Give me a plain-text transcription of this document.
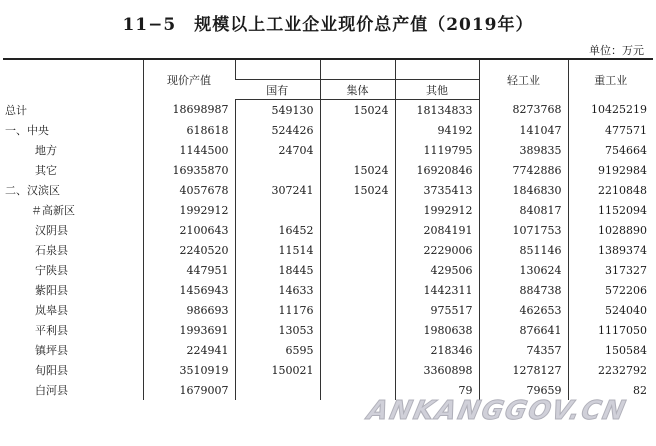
11−5　规模以上工业企业现价总产值（2019年）
单位：万元
	现价产值				轻工业	重工业
		国有	集体	其他		
总计	18698987	549130	15024	18134833	8273768	10425219
一、中央	618618	524426		94192	141047	477571
地方	1144500	24704		1119795	389835	754664
其它	16935870		15024	16920846	7742886	9192984
二、汉滨区	4057678	307241	15024	3735413	1846830	2210848
＃高新区	1992912			1992912	840817	1152094
汉阴县	2100643	16452		2084191	1071753	1028890
石泉县	2240520	11514		2229006	851146	1389374
宁陕县	447951	18445		429506	130624	317327
紫阳县	1456943	14633		1442311	884738	572206
岚皋县	986693	11176		975517	462653	524040
平利县	1993691	13053		1980638	876641	1117050
镇坪县	224941	6595		218346	74357	150584
旬阳县	3510919	150021		3360898	1278127	2232792
白河县	1679007			79	79659	82
ANKANGGOV.CN
